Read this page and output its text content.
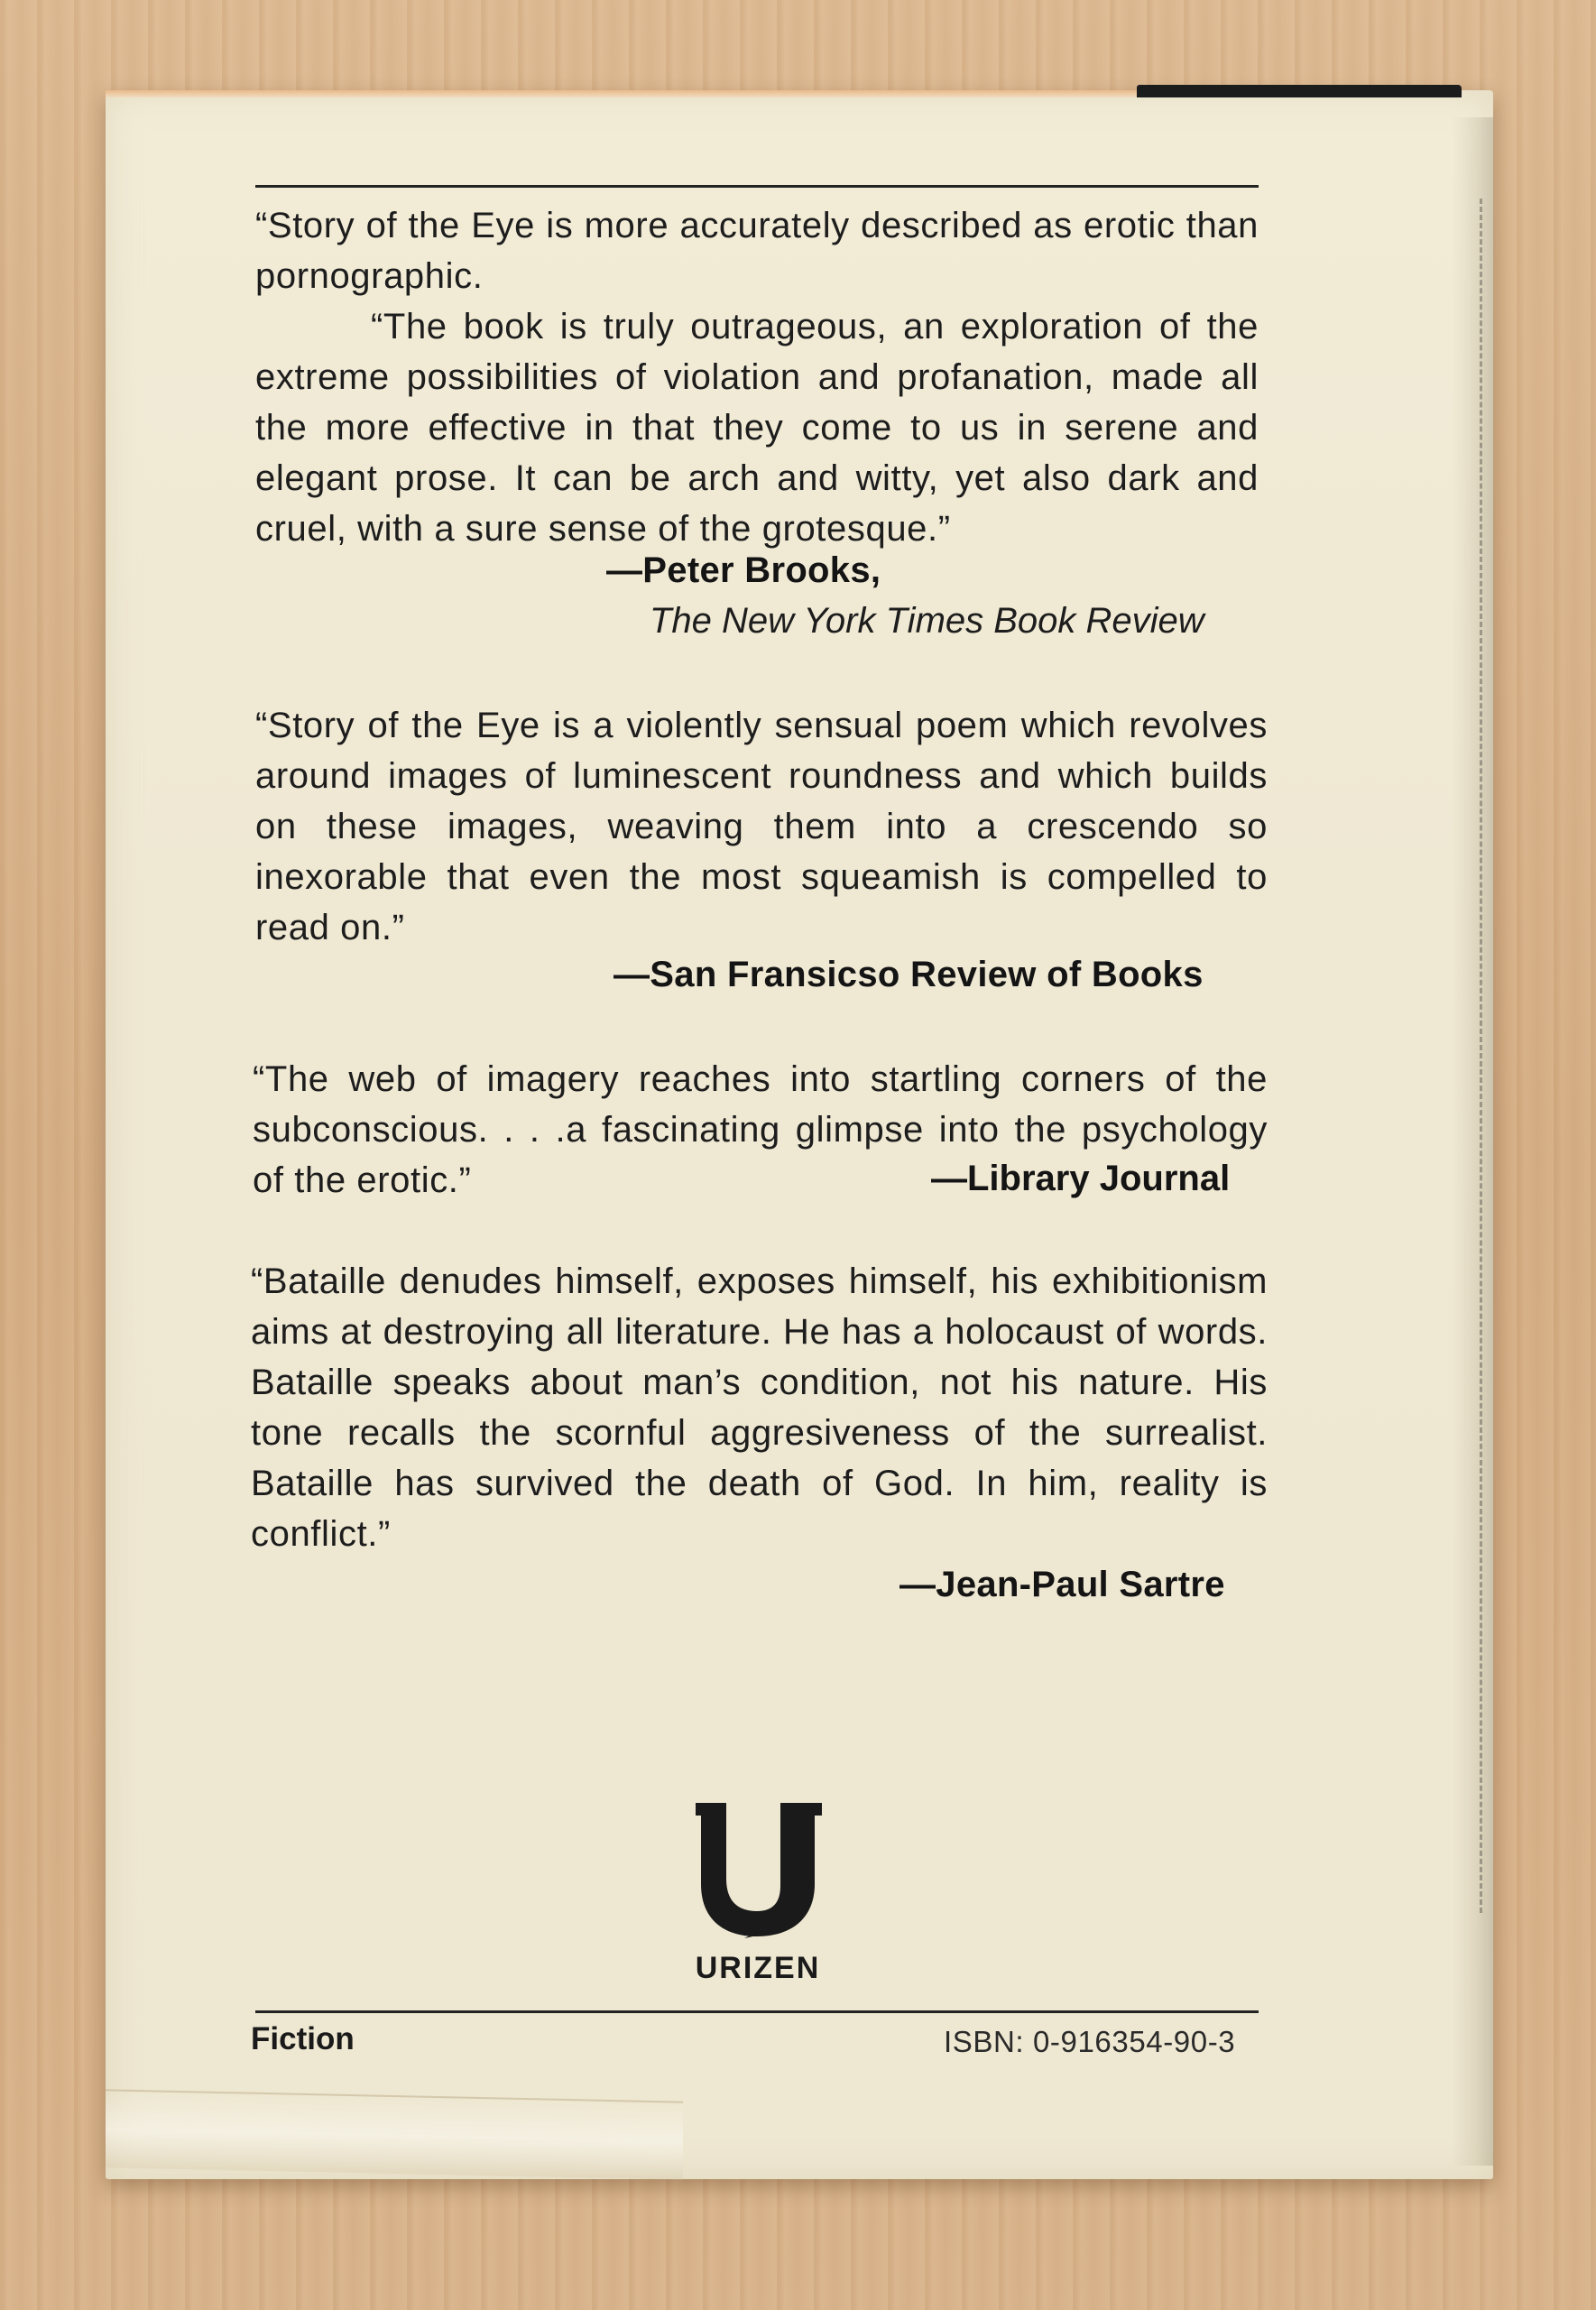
“Story of the Eye is more accurately described as erotic than pornographic.

“The book is truly outrageous, an exploration of the extreme possibilities of violation and profanation, made all the more effective in that they come to us in serene and elegant prose. It can be arch and witty, yet also dark and cruel, with a sure sense of the grotesque.”

—Peter Brooks,
The New York Times Book Review

“Story of the Eye is a violently sensual poem which revolves around images of luminescent roundness and which builds on these images, weaving them into a crescendo so inexorable that even the most squeamish is compelled to read on.”

—San Fransicso Review of Books

“The web of imagery reaches into startling corners of the subconscious. . . .a fascinating glimpse into the psychology of the erotic.”	—Library Journal

“Bataille denudes himself, exposes himself, his exhibitionism aims at destroying all literature. He has a holocaust of words. Bataille speaks about man’s condition, not his nature. His tone recalls the scornful aggresiveness of the surrealist. Bataille has survived the death of God. In him, reality is conflict.”

—Jean-Paul Sartre
URIZEN
Fiction	ISBN: 0-916354-90-3
